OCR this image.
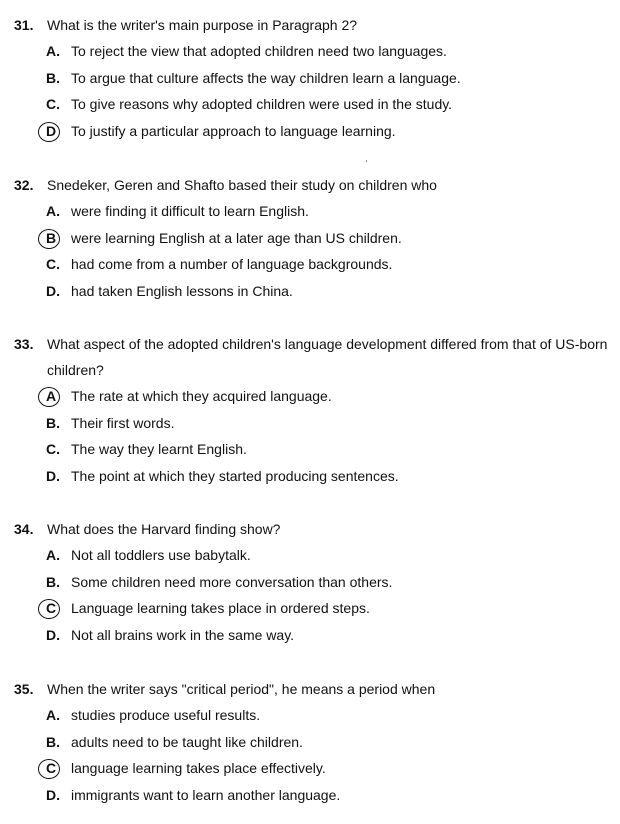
31. What is the writer's main purpose in Paragraph 2?
A. To reject the view that adopted children need two languages.
B. To argue that culture affects the way children learn a language.
C. To give reasons why adopted children were used in the study.
D	To justify a particular approach to language learning.
˙
32. Snedeker, Geren and Shafto based their study on children who
A. were finding it difficult to learn English.
B	were learning English at a later age than US children.
C. had come from a number of language backgrounds.
D. had taken English lessons in China.
33. What aspect of the adopted children's language development differed from that of US-born children?
A	The rate at which they acquired language.
B. Their first words.
C. The way they learnt English.
D. The point at which they started producing sentences.
34. What does the Harvard finding show?
A. Not all toddlers use babytalk.
B. Some children need more conversation than others.
C	Language learning takes place in ordered steps.
D. Not all brains work in the same way.
35. When the writer says "critical period", he means a period when
A. studies produce useful results.
B. adults need to be taught like children.
C	language learning takes place effectively.
D. immigrants want to learn another language.
